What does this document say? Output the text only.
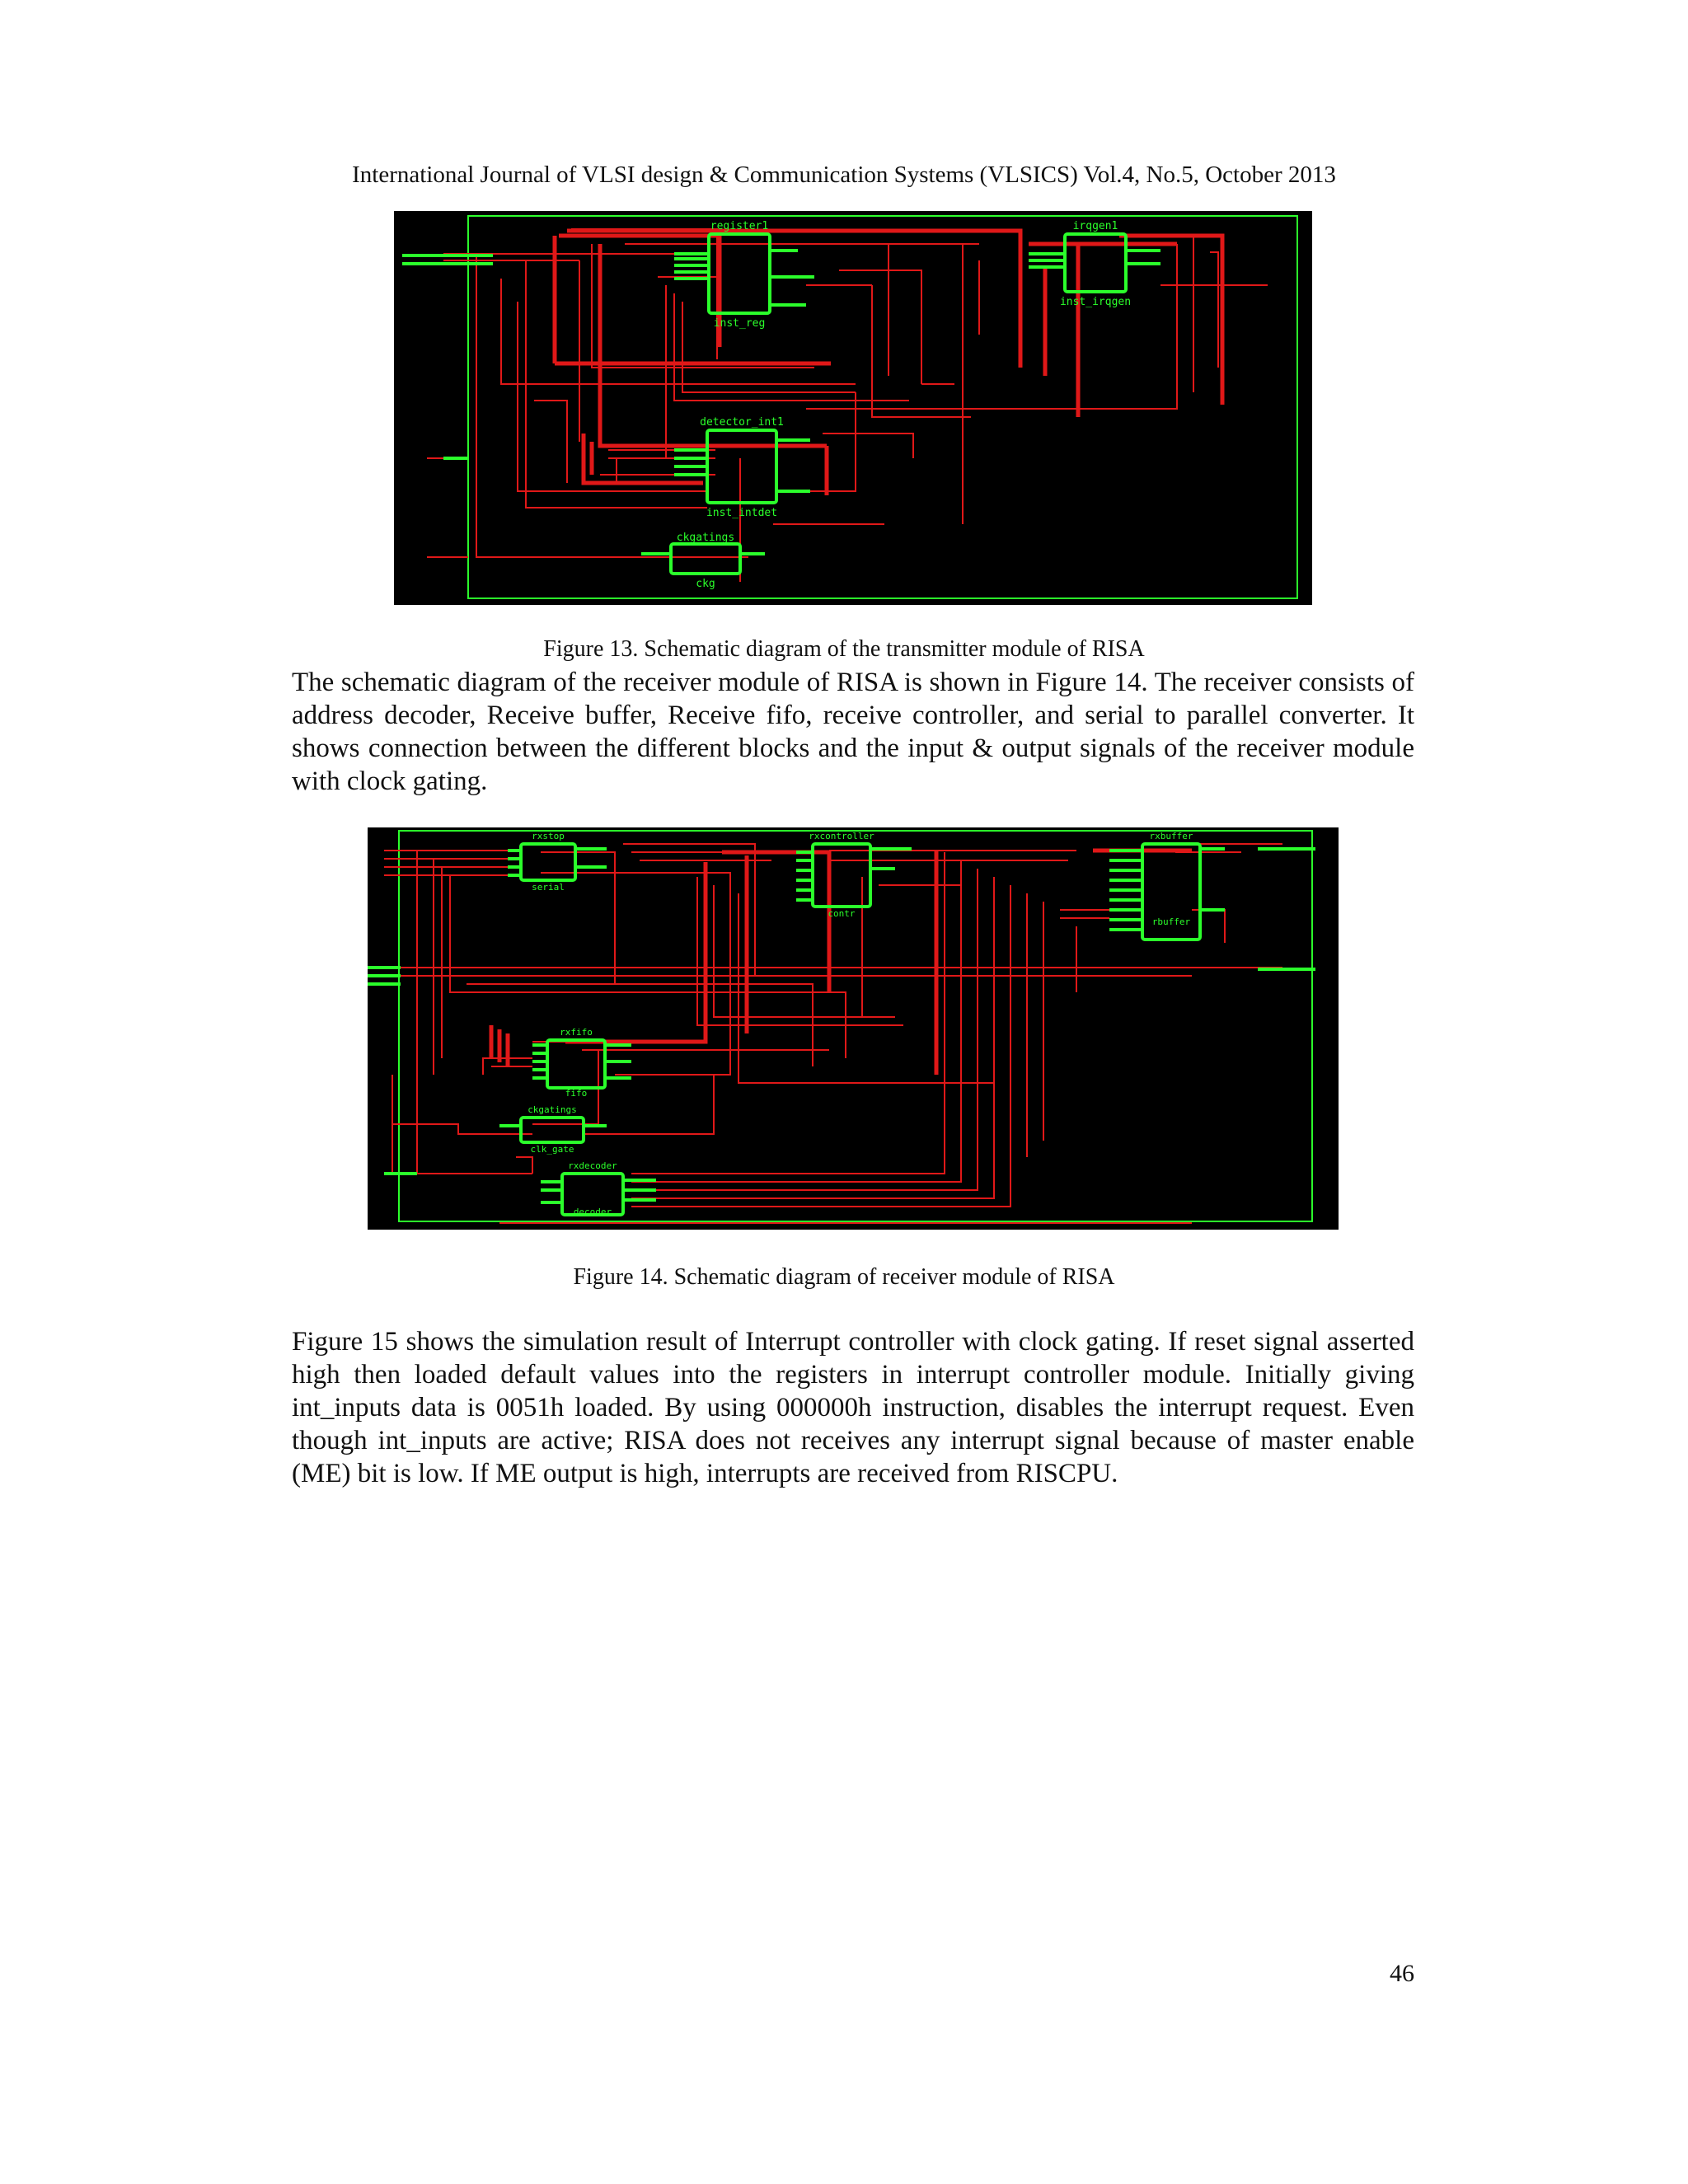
International Journal of VLSI design & Communication Systems (VLSICS) Vol.4, No.5, October 2013
register1
inst_reg
irqgen1
inst_irqgen
detector_int1
inst_intdet
ckgatings
ckg
Figure 13. Schematic diagram of the transmitter module of RISA

The schematic diagram of the receiver module of RISA is shown in Figure 14. The receiver consists of address decoder, Receive buffer, Receive fifo, receive controller, and serial to parallel converter. It shows connection between the different blocks and the input & output signals of the receiver module with clock gating.

rxstop
serial
rxcontroller
contr
rxbuffer
rbuffer
rxfifo
fifo
ckgatings
clk_gate
rxdecoder
decoder
Figure 14. Schematic diagram of receiver module of RISA

Figure 15 shows the simulation result of Interrupt controller with clock gating. If reset signal asserted high then loaded default values into the registers in interrupt controller module. Initially giving int_inputs data is 0051h loaded. By using 000000h instruction, disables the interrupt request. Even though int_inputs are active; RISA does not receives any interrupt signal because of master enable (ME) bit is low. If ME output is high, interrupts are received from RISCPU.

46
